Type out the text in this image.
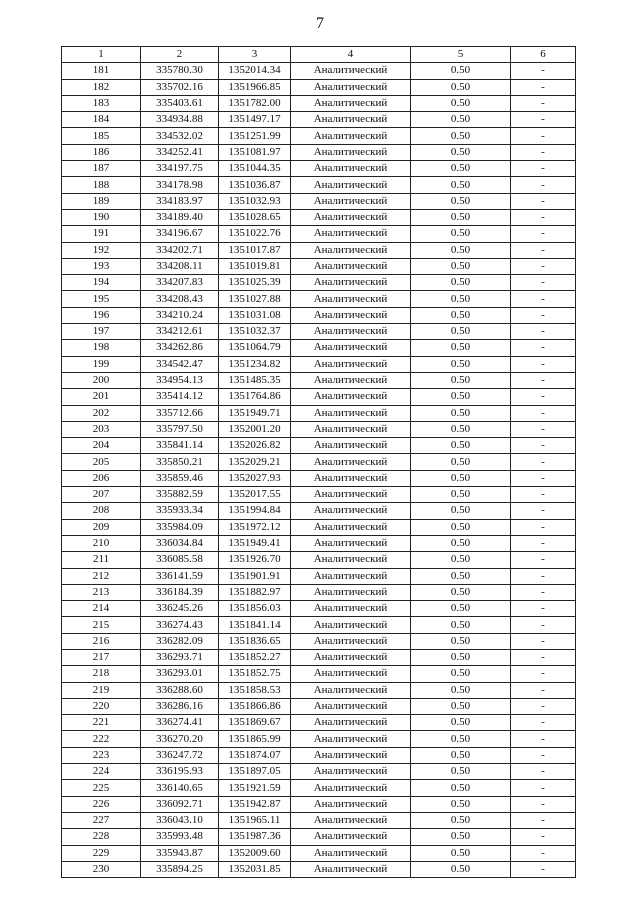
7
1	2	3	4	5	6
181	335780.30	1352014.34	Аналитический	0.50	-
182	335702.16	1351966.85	Аналитический	0.50	-
183	335403.61	1351782.00	Аналитический	0.50	-
184	334934.88	1351497.17	Аналитический	0.50	-
185	334532.02	1351251.99	Аналитический	0.50	-
186	334252.41	1351081.97	Аналитический	0.50	-
187	334197.75	1351044.35	Аналитический	0.50	-
188	334178.98	1351036.87	Аналитический	0.50	-
189	334183.97	1351032.93	Аналитический	0.50	-
190	334189.40	1351028.65	Аналитический	0.50	-
191	334196.67	1351022.76	Аналитический	0.50	-
192	334202.71	1351017.87	Аналитический	0.50	-
193	334208.11	1351019.81	Аналитический	0.50	-
194	334207.83	1351025.39	Аналитический	0.50	-
195	334208.43	1351027.88	Аналитический	0.50	-
196	334210.24	1351031.08	Аналитический	0.50	-
197	334212.61	1351032.37	Аналитический	0.50	-
198	334262.86	1351064.79	Аналитический	0.50	-
199	334542.47	1351234.82	Аналитический	0.50	-
200	334954.13	1351485.35	Аналитический	0.50	-
201	335414.12	1351764.86	Аналитический	0.50	-
202	335712.66	1351949.71	Аналитический	0.50	-
203	335797.50	1352001.20	Аналитический	0.50	-
204	335841.14	1352026.82	Аналитический	0.50	-
205	335850.21	1352029.21	Аналитический	0.50	-
206	335859.46	1352027.93	Аналитический	0.50	-
207	335882.59	1352017.55	Аналитический	0.50	-
208	335933.34	1351994.84	Аналитический	0.50	-
209	335984.09	1351972.12	Аналитический	0.50	-
210	336034.84	1351949.41	Аналитический	0.50	-
211	336085.58	1351926.70	Аналитический	0.50	-
212	336141.59	1351901.91	Аналитический	0.50	-
213	336184.39	1351882.97	Аналитический	0.50	-
214	336245.26	1351856.03	Аналитический	0.50	-
215	336274.43	1351841.14	Аналитический	0.50	-
216	336282.09	1351836.65	Аналитический	0.50	-
217	336293.71	1351852.27	Аналитический	0.50	-
218	336293.01	1351852.75	Аналитический	0.50	-
219	336288.60	1351858.53	Аналитический	0.50	-
220	336286.16	1351866.86	Аналитический	0.50	-
221	336274.41	1351869.67	Аналитический	0.50	-
222	336270.20	1351865.99	Аналитический	0.50	-
223	336247.72	1351874.07	Аналитический	0.50	-
224	336195.93	1351897.05	Аналитический	0.50	-
225	336140.65	1351921.59	Аналитический	0.50	-
226	336092.71	1351942.87	Аналитический	0.50	-
227	336043.10	1351965.11	Аналитический	0.50	-
228	335993.48	1351987.36	Аналитический	0.50	-
229	335943.87	1352009.60	Аналитический	0.50	-
230	335894.25	1352031.85	Аналитический	0.50	-
